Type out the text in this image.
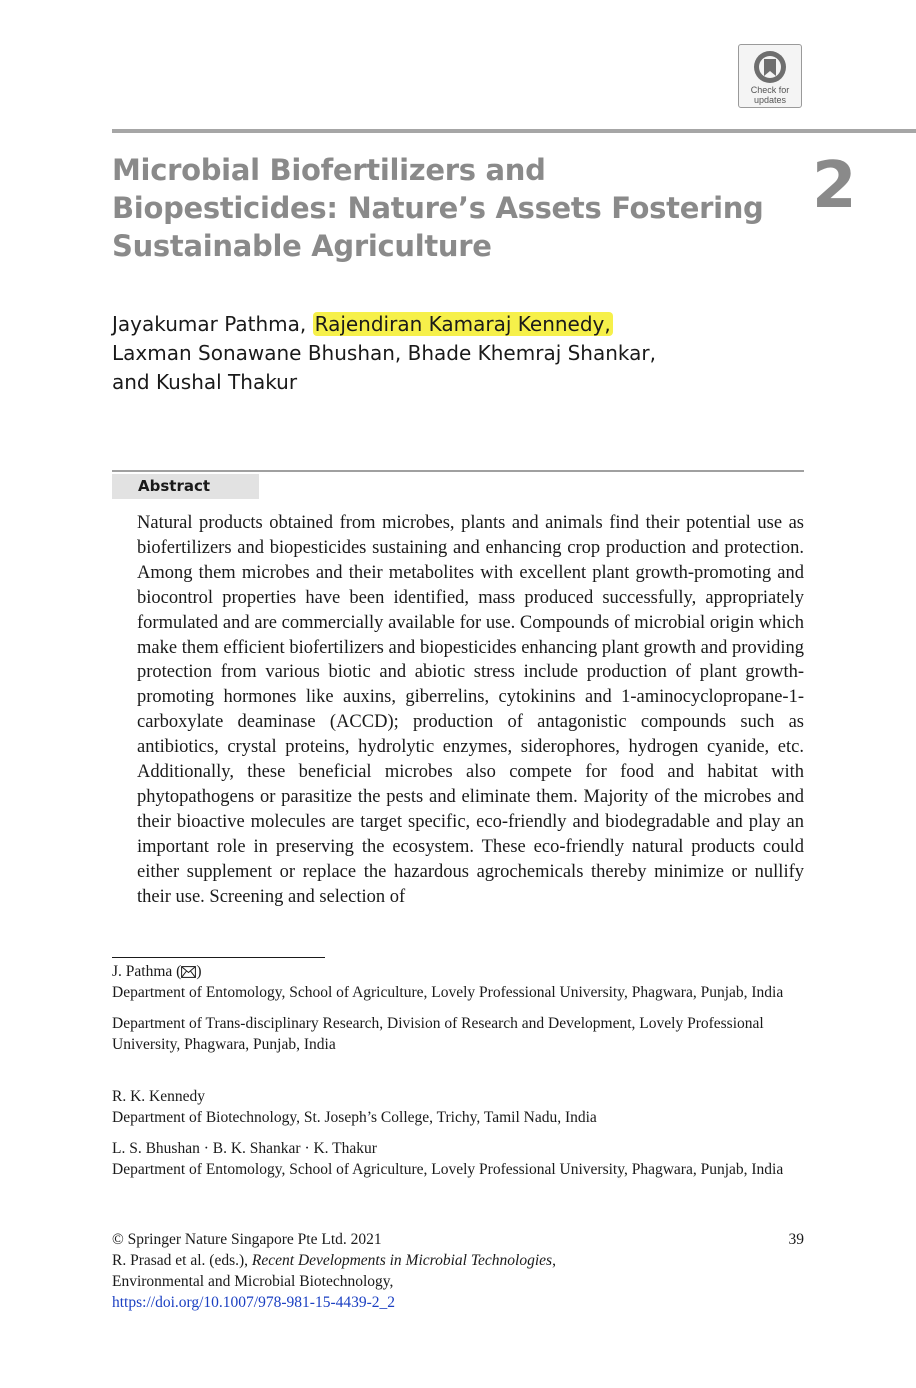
Check for
updates
Microbial Biofertilizers and Biopesticides: Nature’s Assets Fostering Sustainable Agriculture
2
Jayakumar Pathma, Rajendiran Kamaraj Kennedy,
Laxman Sonawane Bhushan, Bhade Khemraj Shankar,
and Kushal Thakur
Abstract
Natural products obtained from microbes, plants and animals find their potential use as biofertilizers and biopesticides sustaining and enhancing crop production and protection. Among them microbes and their metabolites with excellent plant growth-promoting and biocontrol properties have been identified, mass produced successfully, appropriately formulated and are commercially available for use. Compounds of microbial origin which make them efficient biofertilizers and biopesticides enhancing plant growth and providing protection from various biotic and abiotic stress include production of plant growth-promoting hormones like auxins, giberrelins, cytokinins and 1-aminocyclopropane-1-carboxylate deaminase (ACCD); production of antagonistic compounds such as antibiotics, crystal proteins, hydrolytic enzymes, siderophores, hydrogen cyanide, etc. Additionally, these beneficial microbes also compete for food and habitat with phytopathogens or parasitize the pests and eliminate them. Majority of the microbes and their bioactive molecules are target specific, eco-friendly and biodegradable and play an important role in preserving the ecosystem. These eco-friendly natural products could either supplement or replace the hazardous agrochemicals thereby minimize or nullify their use. Screening and selection of
J. Pathma ( )
Department of Entomology, School of Agriculture, Lovely Professional University, Phagwara, Punjab, India
Department of Trans-disciplinary Research, Division of Research and Development, Lovely Professional University, Phagwara, Punjab, India
R. K. Kennedy
Department of Biotechnology, St. Joseph’s College, Trichy, Tamil Nadu, India
L. S. Bhushan · B. K. Shankar · K. Thakur
Department of Entomology, School of Agriculture, Lovely Professional University, Phagwara, Punjab, India
© Springer Nature Singapore Pte Ltd. 2021
R. Prasad et al. (eds.), Recent Developments in Microbial Technologies,
Environmental and Microbial Biotechnology,
https://doi.org/10.1007/978-981-15-4439-2_2
39
